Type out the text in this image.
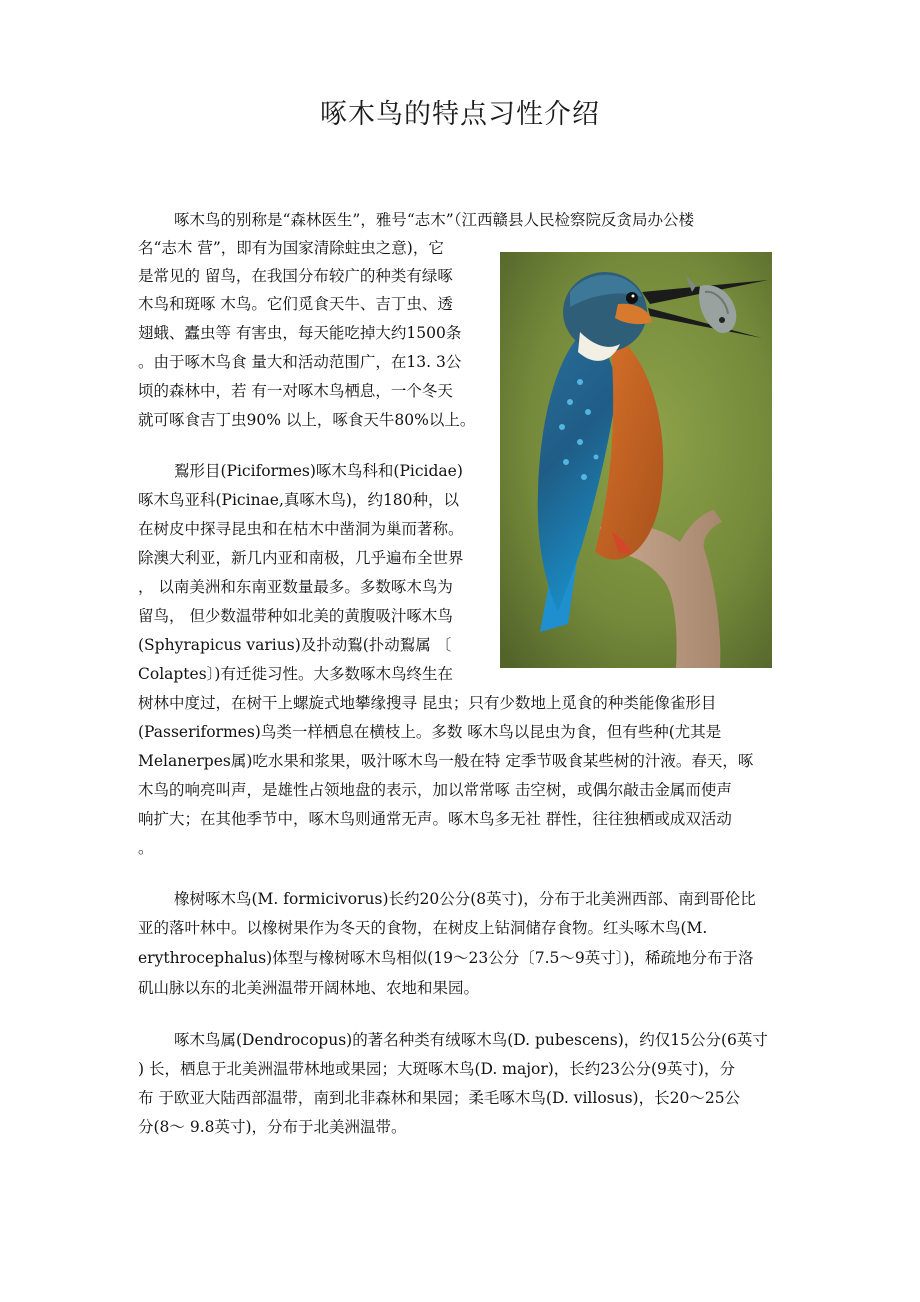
啄木鸟的特点习性介绍
啄木鸟的别称是“森林医生”，雅号“志木”（江西赣县人民检察院反贪局办公楼
名“志木 营”，即有为国家清除蛀虫之意)，它
是常见的 留鸟，在我国分布较广的种类有绿啄
木鸟和斑啄 木鸟。它们觅食天牛、吉丁虫、透
翅蛾、蠹虫等 有害虫，每天能吃掉大约1500条
。由于啄木鸟食 量大和活动范围广，在13. 3公
顷的森林中，若 有一对啄木鸟栖息，一个冬天
就可啄食吉丁虫90% 以上，啄食天牛80%以上。
鴷形目(Piciformes)啄木鸟科和(Picidae)
啄木鸟亚科(Picinae,真啄木鸟)，约180种，以
在树皮中探寻昆虫和在枯木中凿洞为巢而著称。
除澳大利亚，新几内亚和南极，几乎遍布全世界
， 以南美洲和东南亚数量最多。多数啄木鸟为
留鸟， 但少数温带种如北美的黄腹吸汁啄木鸟
(Sphyrapicus varius)及扑动鴷(扑动鴷属 〔
Colaptes〕)有迁徙习性。大多数啄木鸟终生在
树林中度过，在树干上螺旋式地攀缘搜寻 昆虫；只有少数地上觅食的种类能像雀形目
(Passeriformes)鸟类一样栖息在横枝上。多数 啄木鸟以昆虫为食，但有些种(尤其是
Melanerpes属)吃水果和浆果，吸汁啄木鸟一般在特 定季节吸食某些树的汁液。春天，啄
木鸟的响亮叫声，是雄性占领地盘的表示，加以常常啄 击空树，或偶尔敲击金属而使声
响扩大；在其他季节中，啄木鸟则通常无声。啄木鸟多无社 群性，往往独栖或成双活动
。
橡树啄木鸟(M. formicivorus)长约20公分(8英寸)，分布于北美洲西部、南到哥伦比
亚的落叶林中。以橡树果作为冬天的食物，在树皮上钻洞储存食物。红头啄木鸟(M.
erythrocephalus)体型与橡树啄木鸟相似(19～23公分〔7.5～9英寸〕)，稀疏地分布于洛
矶山脉以东的北美洲温带开阔林地、农地和果园。
啄木鸟属(Dendrocopus)的著名种类有绒啄木鸟(D. pubescens)，约仅15公分(6英寸
) 长，栖息于北美洲温带林地或果园；大斑啄木鸟(D. major)，长约23公分(9英寸)，分
布 于欧亚大陆西部温带，南到北非森林和果园；柔毛啄木鸟(D. villosus)，长20～25公
分(8～ 9.8英寸)，分布于北美洲温带。
